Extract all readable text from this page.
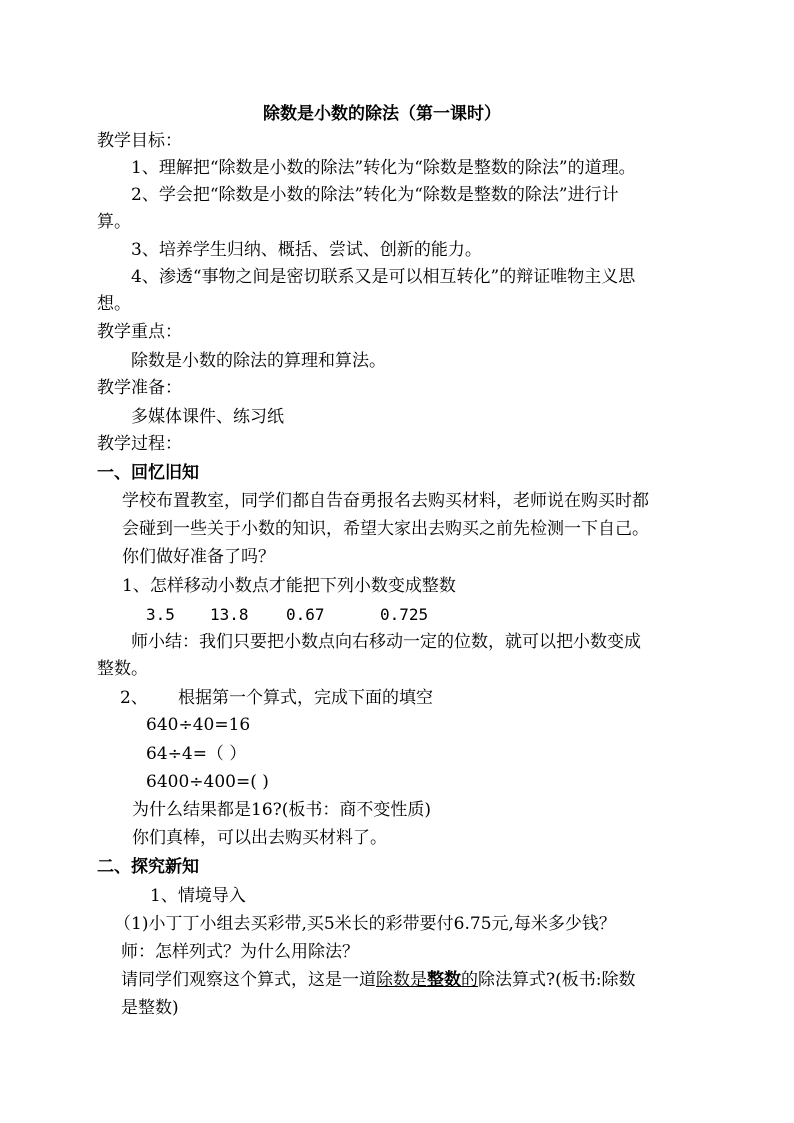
除数是小数的除法（第一课时）
教学目标：
1、理解把“除数是小数的除法”转化为“除数是整数的除法”的道理。
2、学会把“除数是小数的除法”转化为“除数是整数的除法”进行计
算。
3、培养学生归纳、概括、尝试、创新的能力。
4、渗透“事物之间是密切联系又是可以相互转化”的辩证唯物主义思
想。
教学重点：
除数是小数的除法的算理和算法。
教学准备：
多媒体课件、练习纸
教学过程：
一、回忆旧知
学校布置教室，同学们都自告奋勇报名去购买材料，老师说在购买时都
会碰到一些关于小数的知识，希望大家出去购买之前先检测一下自己。
你们做好准备了吗？
1、怎样移动小数点才能把下列小数变成整数
3.5 13.8 0.67	0.725
师小结：我们只要把小数点向右移动一定的位数，就可以把小数变成
整数。
2、 根据第一个算式，完成下面的填空
640÷40=16
64÷4=（ ）
6400÷400=( )
为什么结果都是16?(板书：商不变性质)
你们真棒，可以出去购买材料了。
二、探究新知
1、情境导入
（1)小丁丁小组去买彩带,买5米长的彩带要付6.75元,每米多少钱？
师：怎样列式？为什么用除法？
请同学们观察这个算式，这是一道除数是整数的除法算式?(板书:除数
是整数)
